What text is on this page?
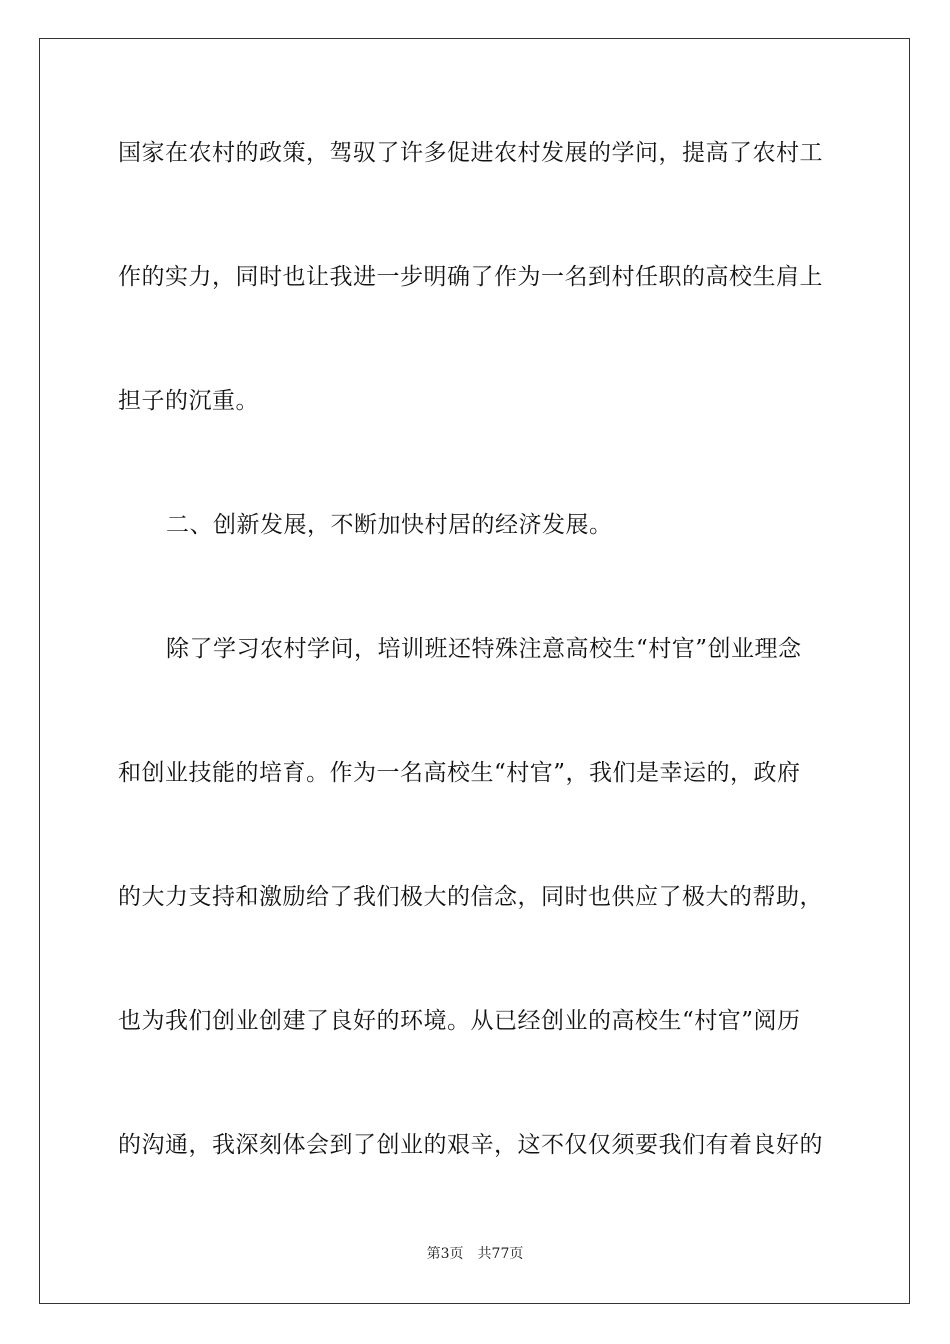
国家在农村的政策，驾驭了许多促进农村发展的学问，提高了农村工
作的实力，同时也让我进一步明确了作为一名到村任职的高校生肩上
担子的沉重。
二、创新发展，不断加快村居的经济发展。
除了学习农村学问，培训班还特殊注意高校生“村官”创业理念
和创业技能的培育。作为一名高校生“村官”，我们是幸运的，政府
的大力支持和激励给了我们极大的信念，同时也供应了极大的帮助，
也为我们创业创建了良好的环境。从已经创业的高校生“村官”阅历
的沟通，我深刻体会到了创业的艰辛，这不仅仅须要我们有着良好的
第3页 共77页
